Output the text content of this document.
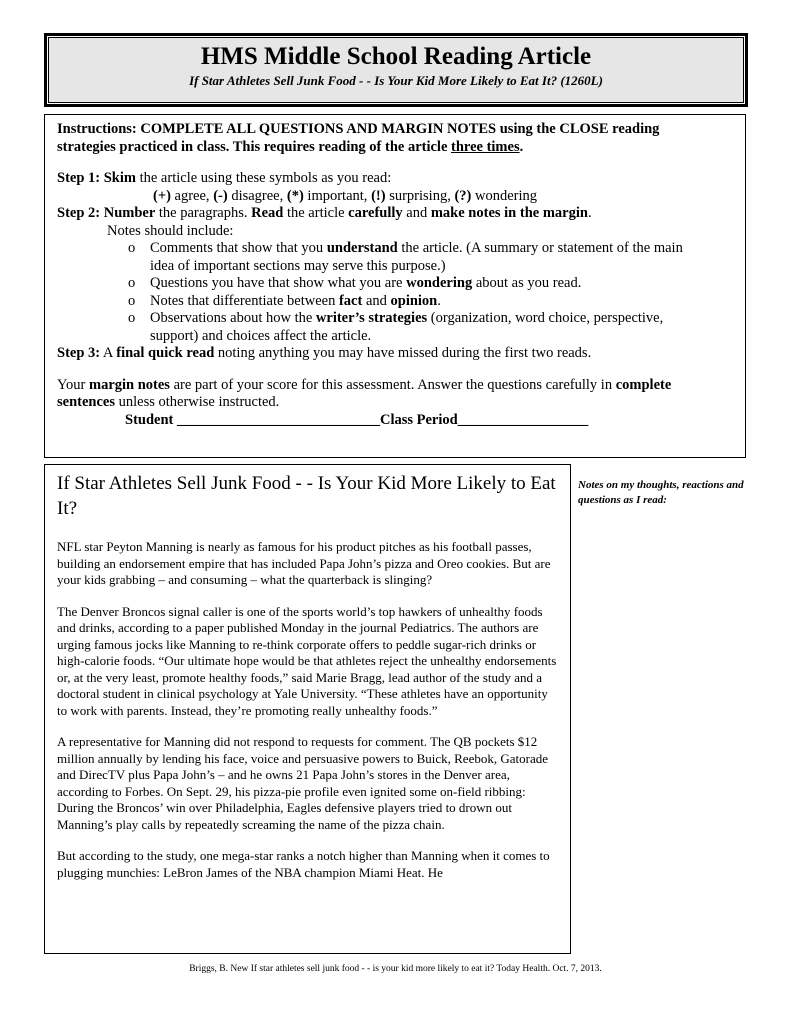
HMS Middle School Reading Article
If Star Athletes Sell Junk Food - - Is Your Kid More Likely to Eat It? (1260L)

Instructions: COMPLETE ALL QUESTIONS AND MARGIN NOTES using the CLOSE reading
strategies practiced in class. This requires reading of the article three times.

Step 1: Skim the article using these symbols as you read:

(+) agree, (-) disagree, (*) important, (!) surprising, (?) wondering

Step 2: Number the paragraphs. Read the article carefully and make notes in the margin.

Notes should include:

o	Comments that show that you understand the article. (A summary or statement of the main
idea of important sections may serve this purpose.)
o	Questions you have that show what you are wondering about as you read.
o	Notes that differentiate between fact and opinion.
o	Observations about how the writer’s strategies (organization, word choice, perspective,
support) and choices affect the article.

Step 3: A final quick read noting anything you may have missed during the first two reads.

Your margin notes are part of your score for this assessment. Answer the questions carefully in complete
sentences unless otherwise instructed.

Student ____________________________Class Period__________________

If Star Athletes Sell Junk Food - - Is Your Kid More Likely to Eat It?

NFL star Peyton Manning is nearly as famous for his product pitches as his football passes, building an endorsement empire that has included Papa John’s pizza and Oreo cookies. But are your kids grabbing – and consuming – what the quarterback is slinging?

The Denver Broncos signal caller is one of the sports world’s top hawkers of unhealthy foods and drinks, according to a paper published Monday in the journal Pediatrics. The authors are urging famous jocks like Manning to re-think corporate offers to peddle sugar-rich drinks or high-calorie foods. “Our ultimate hope would be that athletes reject the unhealthy endorsements or, at the very least, promote healthy foods,” said Marie Bragg, lead author of the study and a doctoral student in clinical psychology at Yale University. “These athletes have an opportunity to work with parents. Instead, they’re promoting really unhealthy foods.”

A representative for Manning did not respond to requests for comment. The QB pockets $12 million annually by lending his face, voice and persuasive powers to Buick, Reebok, Gatorade and DirecTV plus Papa John’s – and he owns 21 Papa John’s stores in the Denver area, according to Forbes. On Sept. 29, his pizza-pie profile even ignited some on-field ribbing: During the Broncos’ win over Philadelphia, Eagles defensive players tried to drown out Manning’s play calls by repeatedly screaming the name of the pizza chain.

But according to the study, one mega-star ranks a notch higher than Manning when it comes to plugging munchies: LeBron James of the NBA champion Miami Heat. He

Notes on my thoughts, reactions and questions as I read:
Briggs, B. New If star athletes sell junk food - - is your kid more likely to eat it? Today Health. Oct. 7, 2013.
